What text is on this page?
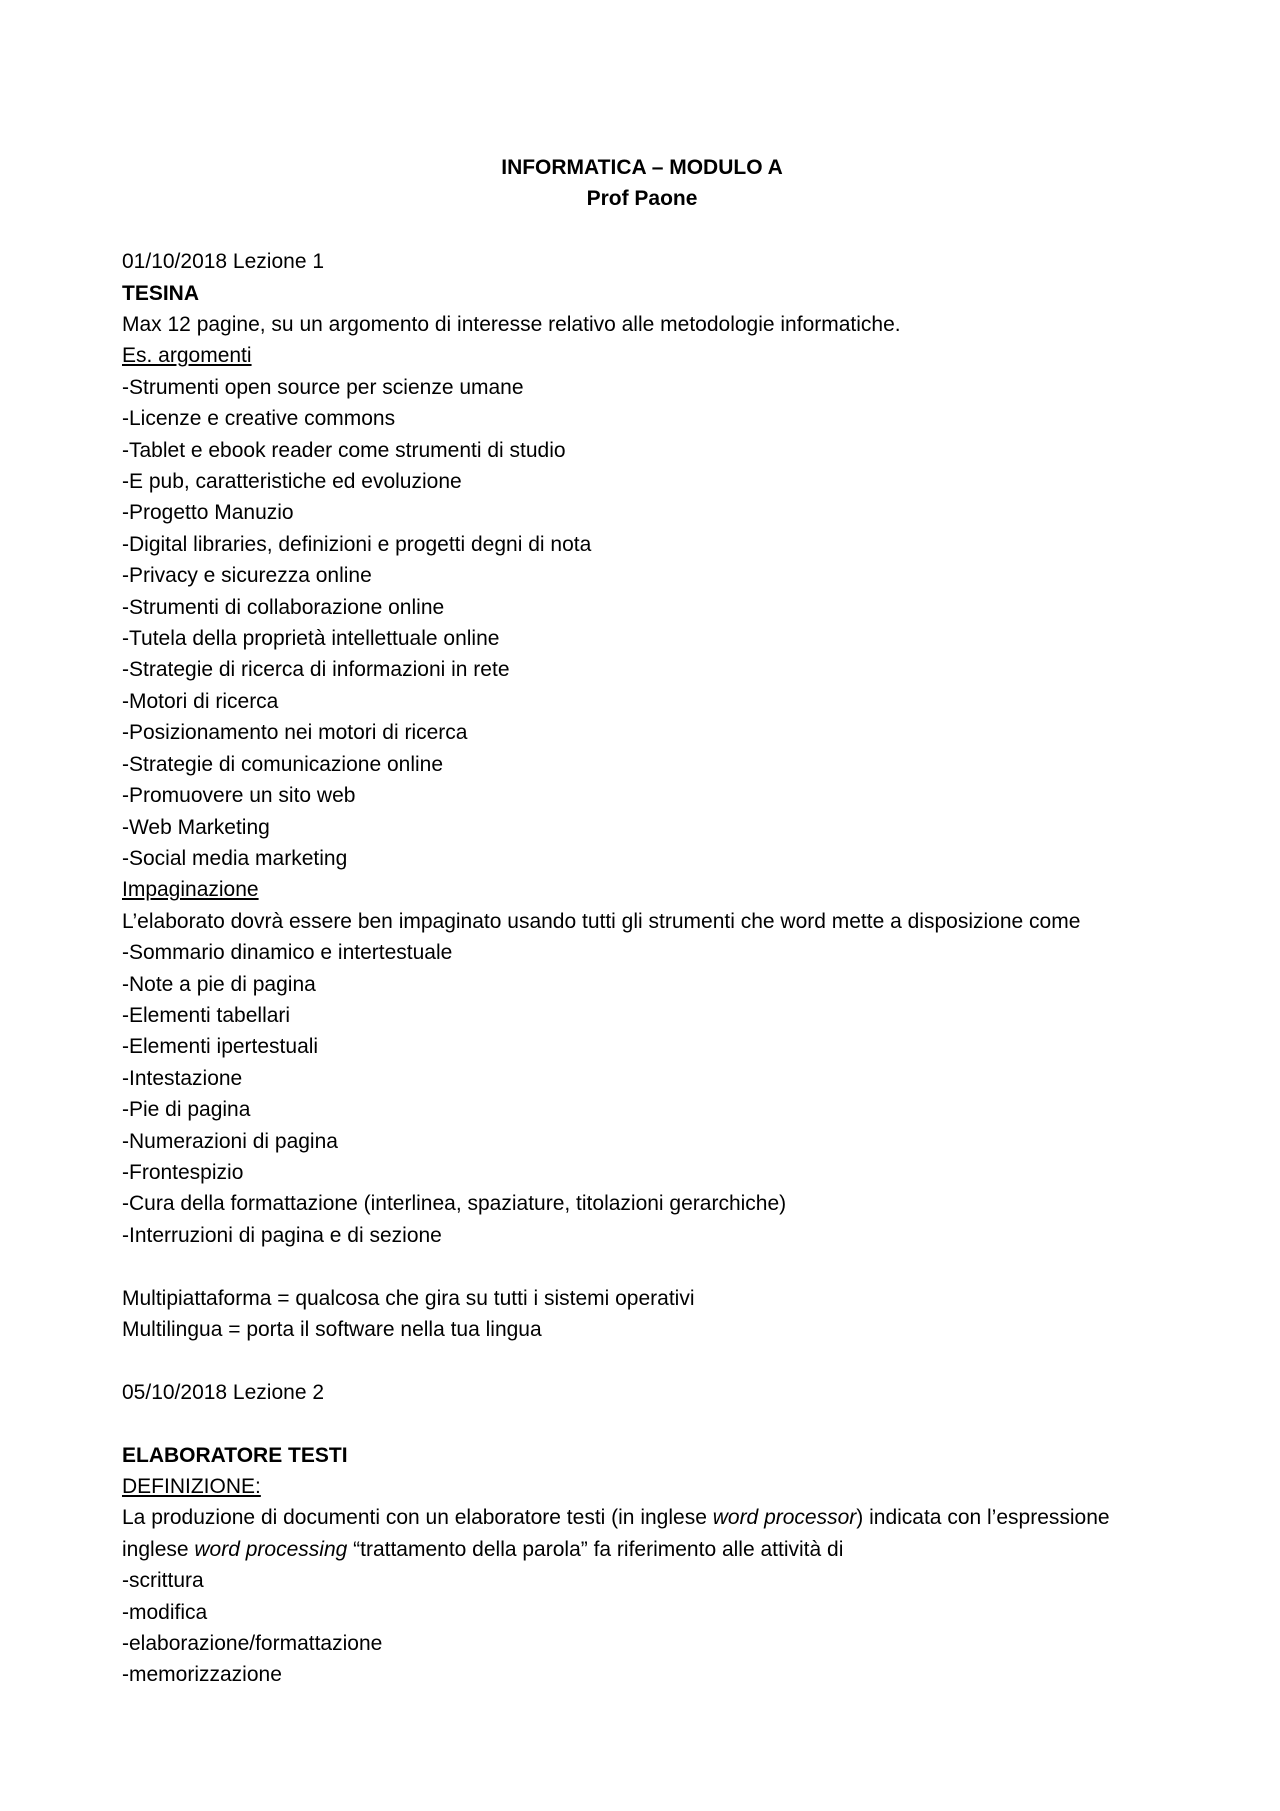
INFORMATICA – MODULO A

Prof Paone

01/10/2018 Lezione 1

TESINA

Max 12 pagine, su un argomento di interesse relativo alle metodologie informatiche.

Es. argomenti

-Strumenti open source per scienze umane
-Licenze e creative commons
-Tablet e ebook reader come strumenti di studio
-E pub, caratteristiche ed evoluzione
-Progetto Manuzio
-Digital libraries, definizioni e progetti degni di nota
-Privacy e sicurezza online
-Strumenti di collaborazione online
-Tutela della proprietà intellettuale online
-Strategie di ricerca di informazioni in rete
-Motori di ricerca
-Posizionamento nei motori di ricerca
-Strategie di comunicazione online
-Promuovere un sito web
-Web Marketing
-Social media marketing

Impaginazione

L’elaborato dovrà essere ben impaginato usando tutti gli strumenti che word mette a disposizione come

-Sommario dinamico e intertestuale
-Note a pie di pagina
-Elementi tabellari
-Elementi ipertestuali
-Intestazione
-Pie di pagina
-Numerazioni di pagina
-Frontespizio
-Cura della formattazione (interlinea, spaziature, titolazioni gerarchiche)
-Interruzioni di pagina e di sezione

Multipiattaforma = qualcosa che gira su tutti i sistemi operativi

Multilingua = porta il software nella tua lingua

05/10/2018 Lezione 2

ELABORATORE TESTI

DEFINIZIONE:

La produzione di documenti con un elaboratore testi (in inglese word processor) indicata con l’espressione inglese word processing “trattamento della parola” fa riferimento alle attività di

-scrittura
-modifica
-elaborazione/formattazione
-memorizzazione
